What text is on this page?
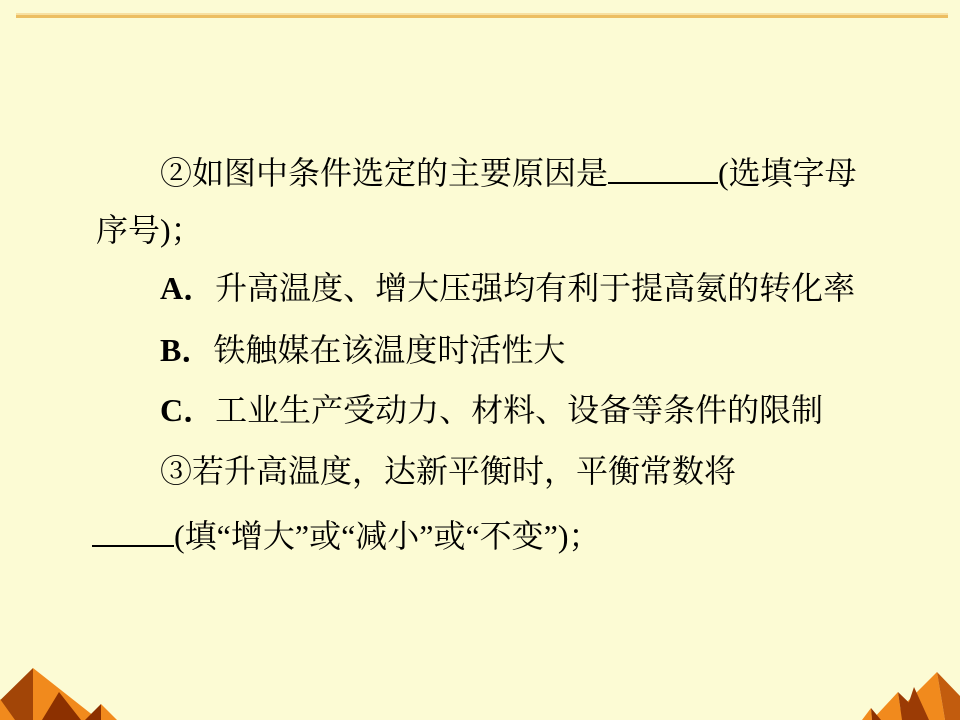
②如图中条件选定的主要原因是	(选填字母
序号)；
A．升高温度、增大压强均有利于提高氨的转化率
B．铁触媒在该温度时活性大
C．工业生产受动力、材料、设备等条件的限制
③若升高温度，达新平衡时，平衡常数将
(填“增大”或“减小”或“不变”)；
